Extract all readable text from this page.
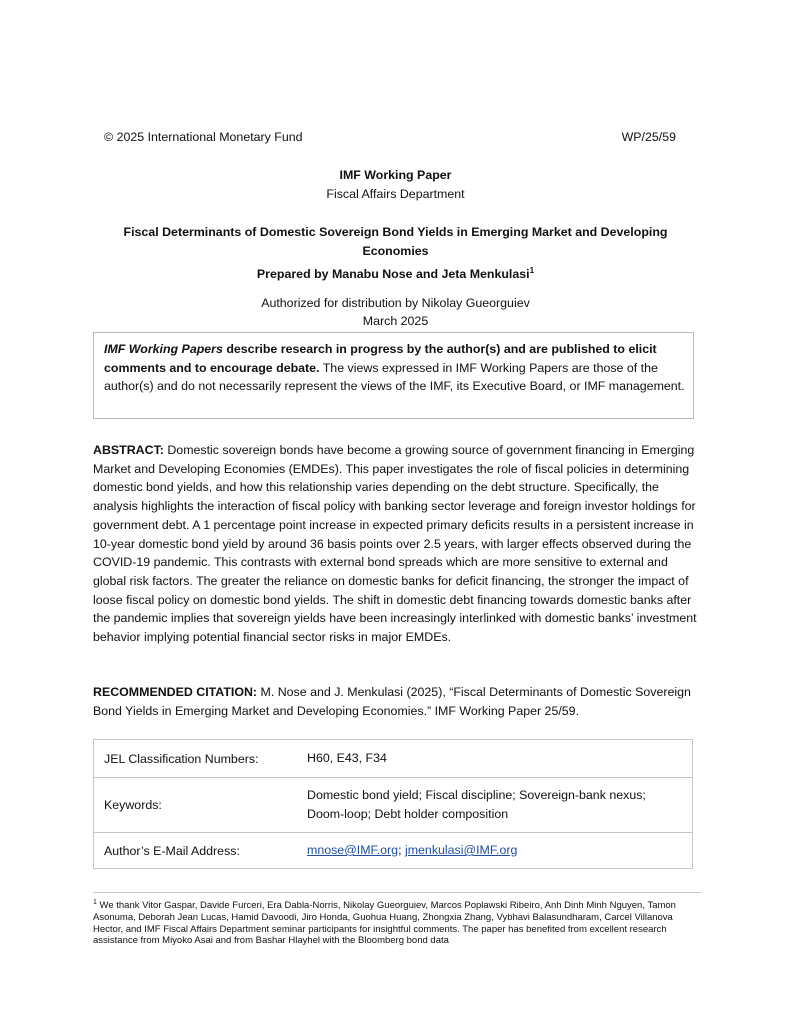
© 2025 International Monetary Fund	WP/25/59
IMF Working Paper
Fiscal Affairs Department
Fiscal Determinants of Domestic Sovereign Bond Yields in Emerging Market and Developing
Economies
Prepared by Manabu Nose and Jeta Menkulasi$^1$
Authorized for distribution by Nikolay Gueorguiev
March 2025

IMF Working Papers describe research in progress by the author(s) and are published to elicit comments and to encourage debate. The views expressed in IMF Working Papers are those of the author(s) and do not necessarily represent the views of the IMF, its Executive Board, or IMF management.

ABSTRACT: Domestic sovereign bonds have become a growing source of government financing in Emerging Market and Developing Economies (EMDEs). This paper investigates the role of fiscal policies in determining domestic bond yields, and how this relationship varies depending on the debt structure. Specifically, the analysis highlights the interaction of fiscal policy with banking sector leverage and foreign investor holdings for government debt. A 1 percentage point increase in expected primary deficits results in a persistent increase in 10-year domestic bond yield by around 36 basis points over 2.5 years, with larger effects observed during the COVID-19 pandemic. This contrasts with external bond spreads which are more sensitive to external and global risk factors. The greater the reliance on domestic banks for deficit financing, the stronger the impact of loose fiscal policy on domestic bond yields. The shift in domestic debt financing towards domestic banks after the pandemic implies that sovereign yields have been increasingly interlinked with domestic banks’ investment behavior implying potential financial sector risks in major EMDEs.

RECOMMENDED CITATION: M. Nose and J. Menkulasi (2025), “Fiscal Determinants of Domestic Sovereign Bond Yields in Emerging Market and Developing Economies.” IMF Working Paper 25/59.

JEL Classification Numbers:	H60, E43, F34
Keywords:	Domestic bond yield; Fiscal discipline; Sovereign-bank nexus;
Doom-loop; Debt holder composition
Author’s E-Mail Address:	mnose@IMF.org; jmenkulasi@IMF.org

$^1$ We thank Vitor Gaspar, Davide Furceri, Era Dabla-Norris, Nikolay Gueorguiev, Marcos Poplawski Ribeiro, Anh Dinh Minh Nguyen, Tamon Asonuma, Deborah Jean Lucas, Hamid Davoodi, Jiro Honda, Guohua Huang, Zhongxia Zhang, Vybhavi Balasundharam, Carcel Villanova Hector, and IMF Fiscal Affairs Department seminar participants for insightful comments. The paper has benefited from excellent research assistance from Miyoko Asai and from Bashar Hlayhel with the Bloomberg bond data
